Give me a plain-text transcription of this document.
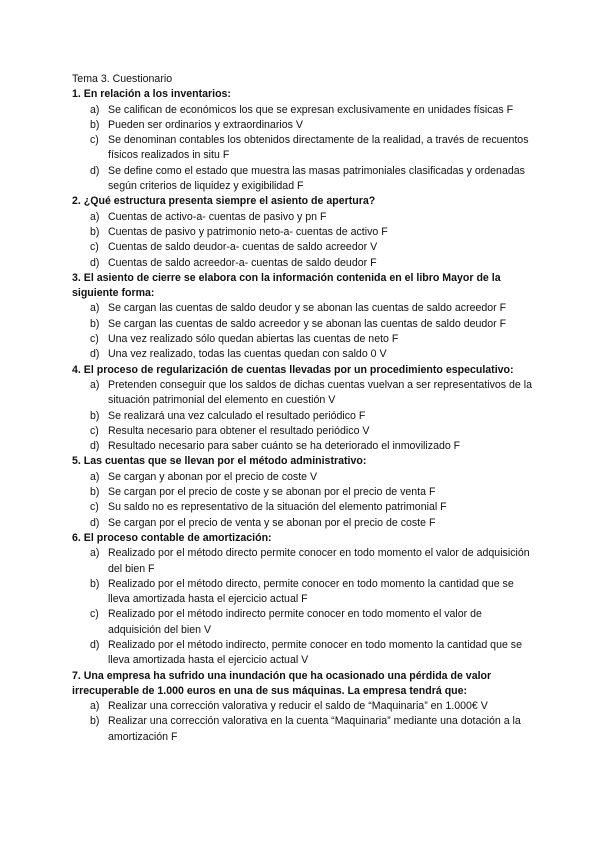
Tema 3. Cuestionario
1. En relación a los inventarios:
a) Se califican de económicos los que se expresan exclusivamente en unidades físicas F
b) Pueden ser ordinarios y extraordinarios V
c) Se denominan contables los obtenidos directamente de la realidad, a través de recuentos físicos realizados in situ F
d) Se define como el estado que muestra las masas patrimoniales clasificadas y ordenadas según criterios de liquidez y exigibilidad F
2. ¿Qué estructura presenta siempre el asiento de apertura?
a) Cuentas de activo-a- cuentas de pasivo y pn F
b) Cuentas de pasivo y patrimonio neto-a- cuentas de activo F
c) Cuentas de saldo deudor-a- cuentas de saldo acreedor V
d) Cuentas de saldo acreedor-a- cuentas de saldo deudor F
3. El asiento de cierre se elabora con la información contenida en el libro Mayor de la siguiente forma:
a) Se cargan las cuentas de saldo deudor y se abonan las cuentas de saldo acreedor F
b) Se cargan las cuentas de saldo acreedor y se abonan las cuentas de saldo deudor F
c) Una vez realizado sólo quedan abiertas las cuentas de neto F
d) Una vez realizado, todas las cuentas quedan con saldo 0 V
4. El proceso de regularización de cuentas llevadas por un procedimiento especulativo:
a) Pretenden conseguir que los saldos de dichas cuentas vuelvan a ser representativos de la situación patrimonial del elemento en cuestión V
b) Se realizará una vez calculado el resultado periódico F
c) Resulta necesario para obtener el resultado periódico V
d) Resultado necesario para saber cuánto se ha deteriorado el inmovilizado F
5. Las cuentas que se llevan por el método administrativo:
a) Se cargan y abonan por el precio de coste V
b) Se cargan por el precio de coste y se abonan por el precio de venta F
c) Su saldo no es representativo de la situación del elemento patrimonial F
d) Se cargan por el precio de venta y se abonan por el precio de coste F
6. El proceso contable de amortización:
a) Realizado por el método directo permite conocer en todo momento el valor de adquisición del bien F
b) Realizado por el método directo, permite conocer en todo momento la cantidad que se lleva amortizada hasta el ejercicio actual F
c) Realizado por el método indirecto permite conocer en todo momento el valor de adquisición del bien V
d) Realizado por el método indirecto, permite conocer en todo momento la cantidad que se lleva amortizada hasta el ejercicio actual V
7. Una empresa ha sufrido una inundación que ha ocasionado una pérdida de valor irrecuperable de 1.000 euros en una de sus máquinas. La empresa tendrá que:
a) Realizar una corrección valorativa y reducir el saldo de “Maquinaria” en 1.000€ V
b) Realizar una corrección valorativa en la cuenta “Maquinaria” mediante una dotación a la amortización F
